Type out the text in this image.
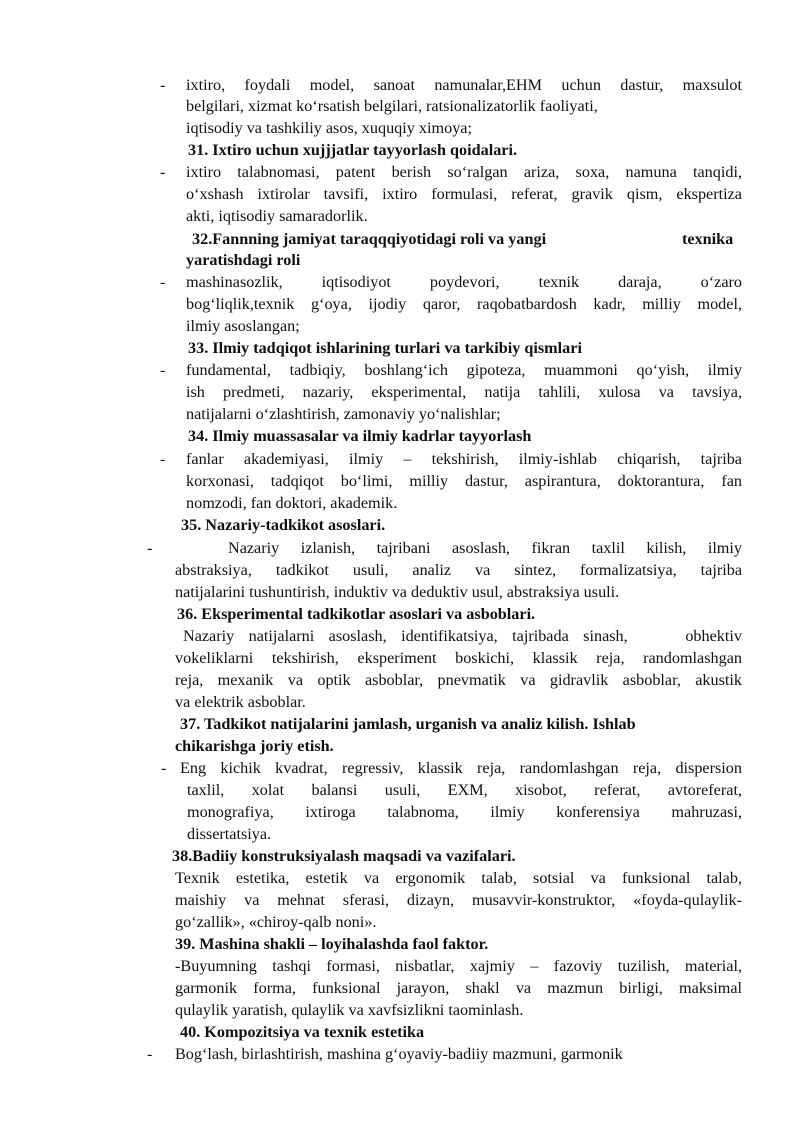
- ixtiro, foydali model, sanoat namunalar,EHM uchun dastur, maxsulot
belgilari, xizmat ko‘rsatish belgilari, ratsionalizatorlik faoliyati,
iqtisodiy va tashkiliy asos, xuquqiy ximoya;
31. Ixtiro uchun xujjjatlar tayyorlash qoidalari.
- ixtiro talabnomasi, patent berish so‘ralgan ariza, soxa, namuna tanqidi,
o‘xshash ixtirolar tavsifi, ixtiro formulasi, referat, gravik qism, ekspertiza
akti, iqtisodiy samaradorlik.
32.Fannning jamiyat taraqqqiyotidagi roli va yangi	texnika
yaratishdagi roli
- mashinasozlik, iqtisodiyot poydevori, texnik daraja, o‘zaro
bog‘liqlik,texnik g‘oya, ijodiy qaror, raqobatbardosh kadr, milliy model,
ilmiy asoslangan;
33. Ilmiy tadqiqot ishlarining turlari va tarkibiy qismlari
- fundamental, tadbiqiy, boshlang‘ich gipoteza, muammoni qo‘yish, ilmiy
ish predmeti, nazariy, eksperimental, natija tahlili, xulosa va tavsiya,
natijalarni o‘zlashtirish, zamonaviy yo‘nalishlar;
34. Ilmiy muassasalar va ilmiy kadrlar tayyorlash
- fanlar akademiyasi, ilmiy – tekshirish, ilmiy-ishlab chiqarish, tajriba
korxonasi, tadqiqot bo‘limi, milliy dastur, aspirantura, doktorantura, fan
nomzodi, fan doktori, akademik.
35. Nazariy-tadkikot asoslari.
-	Nazariy izlanish, tajribani asoslash, fikran taxlil kilish, ilmiy
abstraksiya, tadkikot usuli, analiz va sintez, formalizatsiya, tajriba
natijalarini tushuntirish, induktiv va deduktiv usul, abstraksiya usuli.
36. Eksperimental tadkikotlar asoslari va asboblari.
Nazariy natijalarni asoslash, identifikatsiya, tajribada sinash,    obhektiv
vokeliklarni tekshirish, eksperiment boskichi, klassik reja, randomlashgan
reja, mexanik va optik asboblar, pnevmatik va gidravlik asboblar, akustik
va elektrik asboblar.
37. Tadkikot natijalarini jamlash, urganish va analiz kilish. Ishlab
chikarishga joriy etish.
- Eng kichik kvadrat, regressiv, klassik reja, randomlashgan reja, dispersion
taxlil, xolat balansi usuli, EXM, xisobot, referat, avtoreferat,
monografiya, ixtiroga talabnoma, ilmiy konferensiya mahruzasi,
dissertatsiya.
38.Badiiy konstruksiyalash maqsadi va vazifalari.
Texnik estetika, estetik va ergonomik talab, sotsial va funksional talab,
maishiy va mehnat sferasi, dizayn, musavvir-konstruktor, «foyda-qulaylik-
go‘zallik», «chiroy-qalb noni».
39. Mashina shakli – loyihalashda faol faktor.
-Buyumning tashqi formasi, nisbatlar, xajmiy – fazoviy tuzilish, material,
garmonik forma, funksional jarayon, shakl va mazmun birligi, maksimal
qulaylik yaratish, qulaylik va xavfsizlikni taominlash.
40. Kompozitsiya va texnik estetika
- Bog‘lash, birlashtirish, mashina g‘oyaviy-badiiy mazmuni, garmonik
